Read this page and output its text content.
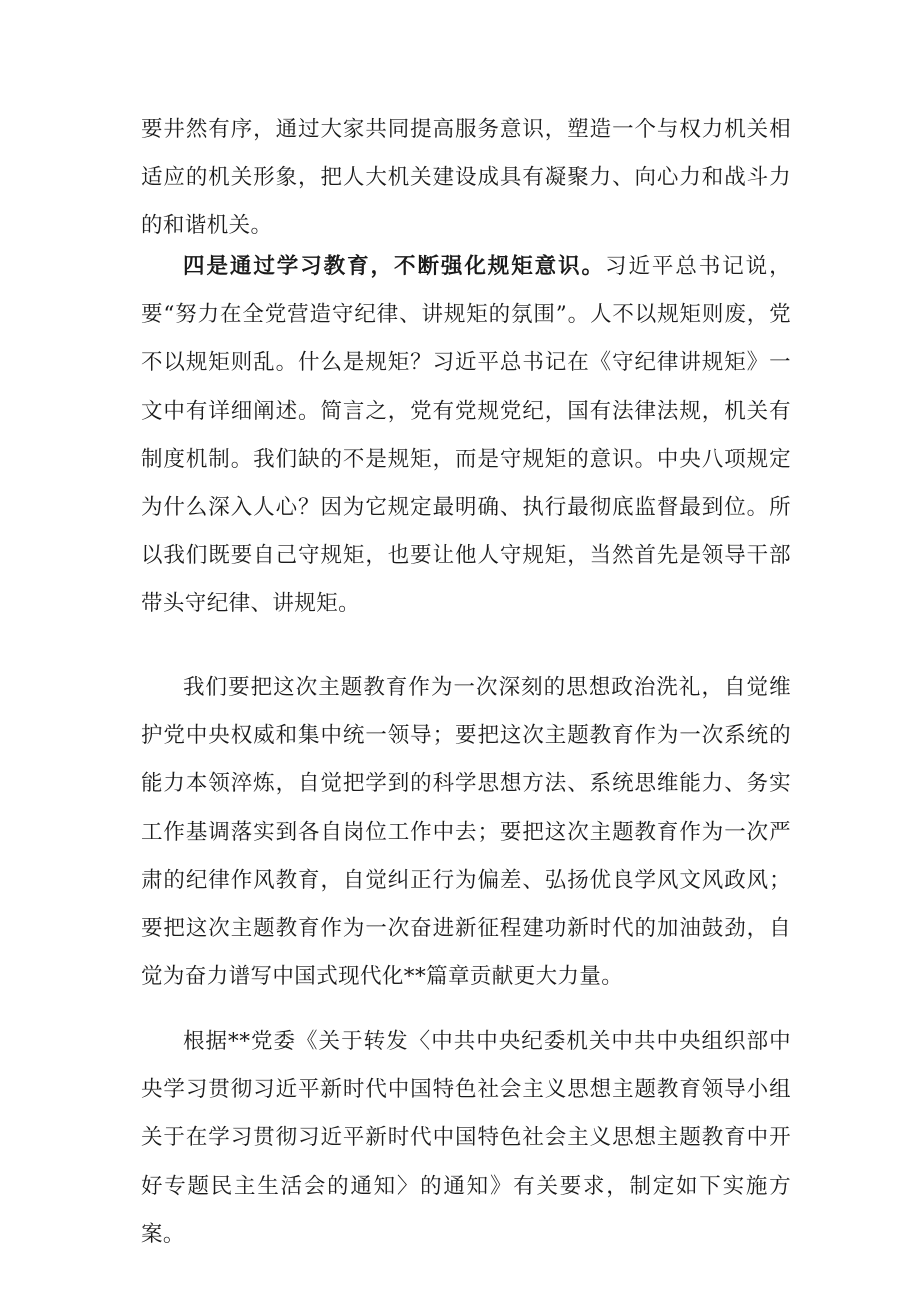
要井然有序，通过大家共同提高服务意识，塑造一个与权力机关相适应的机关形象，把人大机关建设成具有凝聚力、向心力和战斗力的和谐机关。

四是通过学习教育，不断强化规矩意识。习近平总书记说，要“努力在全党营造守纪律、讲规矩的氛围”。人不以规矩则废，党不以规矩则乱。什么是规矩？习近平总书记在《守纪律讲规矩》一文中有详细阐述。简言之，党有党规党纪，国有法律法规，机关有制度机制。我们缺的不是规矩，而是守规矩的意识。中央八项规定为什么深入人心？因为它规定最明确、执行最彻底监督最到位。所以我们既要自己守规矩，也要让他人守规矩，当然首先是领导干部带头守纪律、讲规矩。

我们要把这次主题教育作为一次深刻的思想政治洗礼，自觉维护党中央权威和集中统一领导；要把这次主题教育作为一次系统的能力本领淬炼，自觉把学到的科学思想方法、系统思维能力、务实工作基调落实到各自岗位工作中去；要把这次主题教育作为一次严肃的纪律作风教育，自觉纠正行为偏差、弘扬优良学风文风政风；要把这次主题教育作为一次奋进新征程建功新时代的加油鼓劲，自觉为奋力谱写中国式现代化**篇章贡献更大力量。

根据**党委《关于转发〈中共中央纪委机关中共中央组织部中央学习贯彻习近平新时代中国特色社会主义思想主题教育领导小组关于在学习贯彻习近平新时代中国特色社会主义思想主题教育中开好专题民主生活会的通知〉的通知》有关要求，制定如下实施方案。
